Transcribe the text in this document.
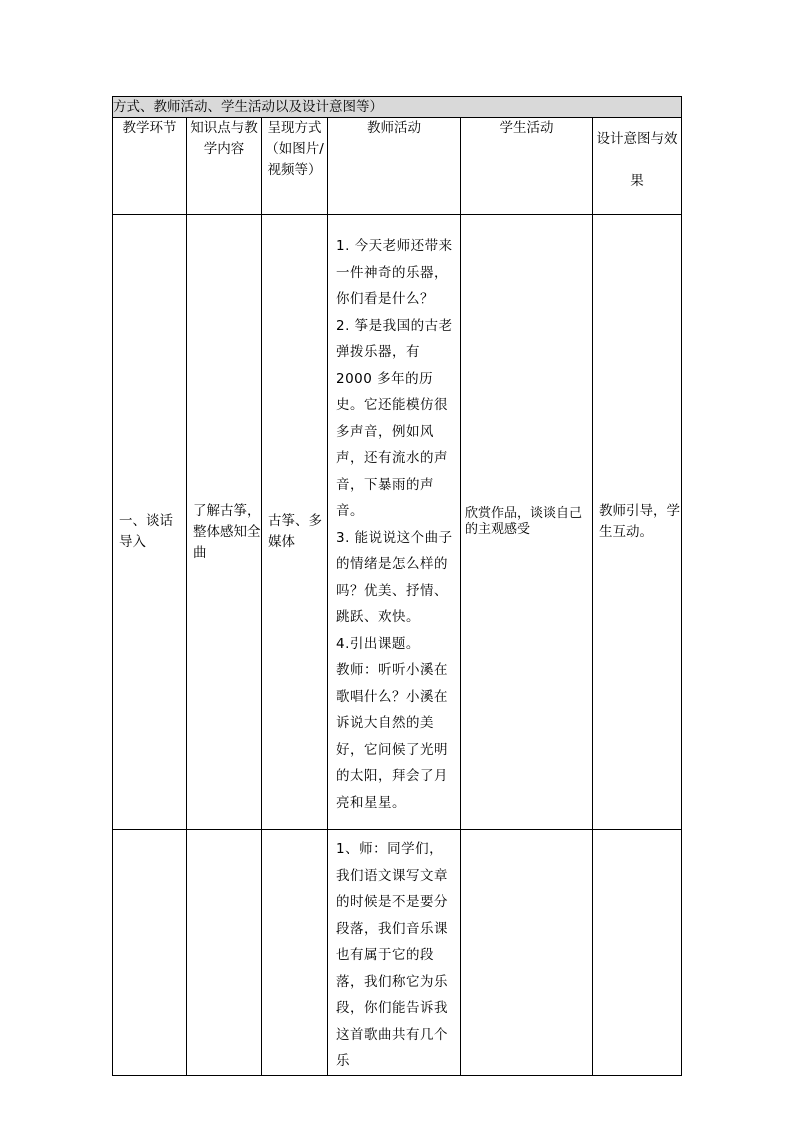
方式、教师活动、学生活动以及设计意图等）					
教学环节	知识点与教学内容	呈现方式（如图片/视频等）	教师活动	学生活动	设计意图与效果
一、谈话导入	了解古筝，整体感知全曲	古筝、多媒体	1. 今天老师还带来一件神奇的乐器，你们看是什么？

2. 筝是我国的古老弹拨乐器，有 2000 多年的历史。它还能模仿很多声音，例如风声，还有流水的声音，下暴雨的声音。

3. 能说说这个曲子的情绪是怎么样的吗？优美、抒情、跳跃、欢快。

4.引出课题。

教师：听听小溪在歌唱什么？小溪在诉说大自然的美好，它问候了光明的太阳，拜会了月亮和星星。	欣赏作品，谈谈自己的主观感受	教师引导，学生互动。

			1、师：同学们，我们语文课写文章的时候是不是要分段落，我们音乐课也有属于它的段落，我们称它为乐段，你们能告诉我这首歌曲共有几个乐		
